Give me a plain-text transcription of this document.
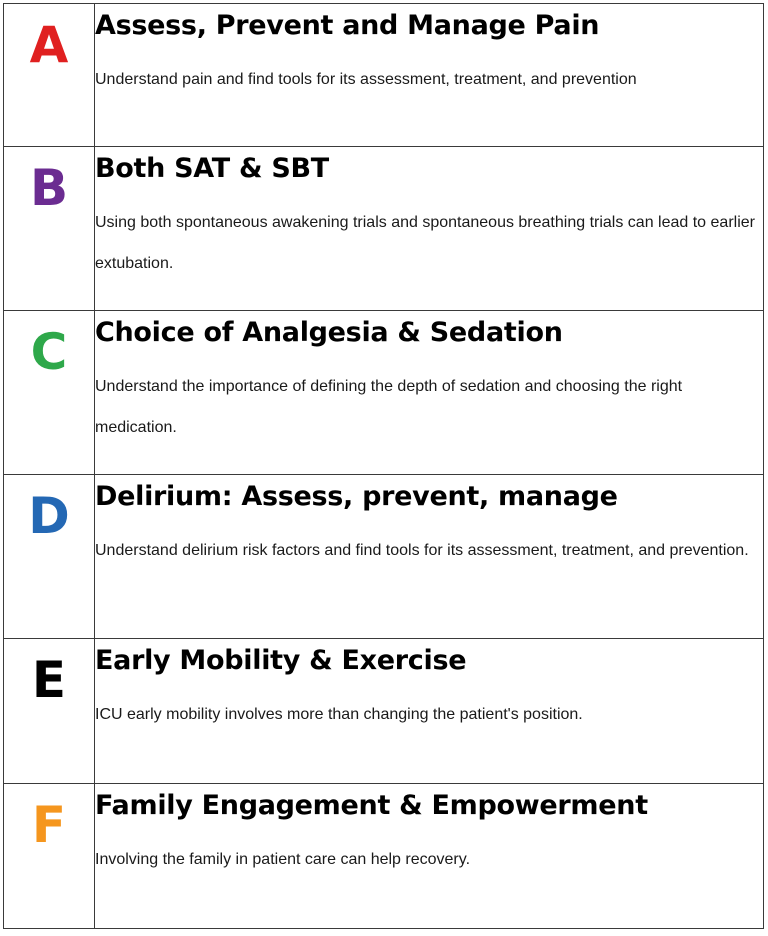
A	Assess, Prevent and Manage Pain
Understand pain and find tools for its assessment, treatment, and prevention

B	Both SAT & SBT
Using both spontaneous awakening trials and spontaneous breathing trials can lead to earlier extubation.

C	Choice of Analgesia & Sedation
Understand the importance of defining the depth of sedation and choosing the right medication.

D	Delirium: Assess, prevent, manage
Understand delirium risk factors and find tools for its assessment, treatment, and prevention.

E	Early Mobility & Exercise
ICU early mobility involves more than changing the patient's position.

F	Family Engagement & Empowerment
Involving the family in patient care can help recovery.
